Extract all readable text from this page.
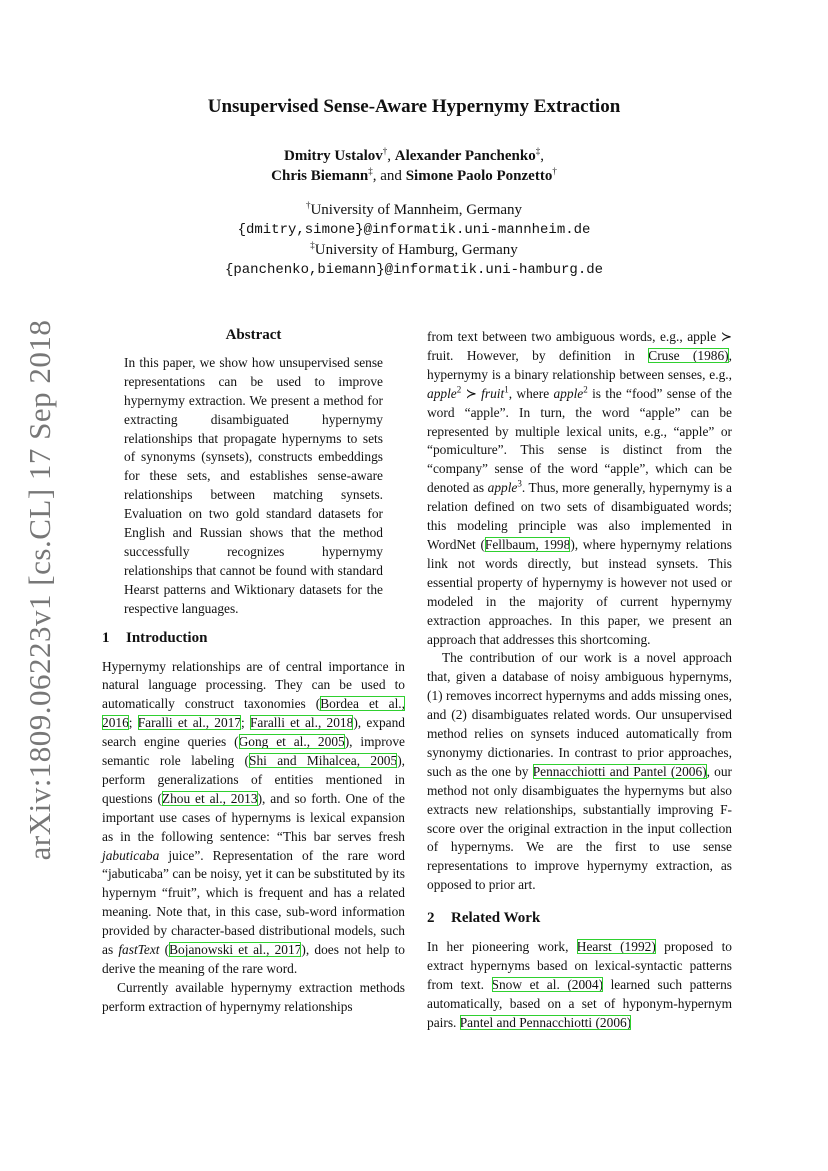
arXiv:1809.06223v1 [cs.CL] 17 Sep 2018
Unsupervised Sense-Aware Hypernymy Extraction
Dmitry Ustalov†, Alexander Panchenko‡,
Chris Biemann‡, and Simone Paolo Ponzetto†
†University of Mannheim, Germany
{dmitry,simone}@informatik.uni-mannheim.de
‡University of Hamburg, Germany
{panchenko,biemann}@informatik.uni-hamburg.de
Abstract

In this paper, we show how unsupervised sense representations can be used to improve hypernymy extraction. We present a method for extracting disambiguated hypernymy relationships that propagate hypernyms to sets of synonyms (synsets), constructs embeddings for these sets, and establishes sense-aware relationships between matching synsets. Evaluation on two gold standard datasets for English and Russian shows that the method successfully recognizes hypernymy relationships that cannot be found with standard Hearst patterns and Wiktionary datasets for the respective languages.

1 Introduction

Hypernymy relationships are of central importance in natural language processing. They can be used to automatically construct taxonomies (Bordea et al., 2016; Faralli et al., 2017; Faralli et al., 2018), expand search engine queries (Gong et al., 2005), improve semantic role labeling (Shi and Mihalcea, 2005), perform generalizations of entities mentioned in questions (Zhou et al., 2013), and so forth. One of the important use cases of hypernyms is lexical expansion as in the following sentence: “This bar serves fresh jabuticaba juice”. Representation of the rare word “jabuticaba” can be noisy, yet it can be substituted by its hypernym “fruit”, which is frequent and has a related meaning. Note that, in this case, sub-word information provided by character-based distributional models, such as fastText (Bojanowski et al., 2017), does not help to derive the meaning of the rare word.

Currently available hypernymy extraction methods perform extraction of hypernymy relationships

from text between two ambiguous words, e.g., apple ≻ fruit. However, by definition in Cruse (1986), hypernymy is a binary relationship between senses, e.g., apple$^2$ ≻ fruit$^1$, where apple$^2$ is the “food” sense of the word “apple”. In turn, the word “apple” can be represented by multiple lexical units, e.g., “apple” or “pomiculture”. This sense is distinct from the “company” sense of the word “apple”, which can be denoted as apple$^3$. Thus, more generally, hypernymy is a relation defined on two sets of disambiguated words; this modeling principle was also implemented in WordNet (Fellbaum, 1998), where hypernymy relations link not words directly, but instead synsets. This essential property of hypernymy is however not used or modeled in the majority of current hypernymy extraction approaches. In this paper, we present an approach that addresses this shortcoming.

The contribution of our work is a novel approach that, given a database of noisy ambiguous hypernyms, (1) removes incorrect hypernyms and adds missing ones, and (2) disambiguates related words. Our unsupervised method relies on synsets induced automatically from synonymy dictionaries. In contrast to prior approaches, such as the one by Pennacchiotti and Pantel (2006), our method not only disambiguates the hypernyms but also extracts new relationships, substantially improving F-score over the original extraction in the input collection of hypernyms. We are the first to use sense representations to improve hypernymy extraction, as opposed to prior art.

2 Related Work

In her pioneering work, Hearst (1992) proposed to extract hypernyms based on lexical-syntactic patterns from text. Snow et al. (2004) learned such patterns automatically, based on a set of hyponym-hypernym pairs. Pantel and Pennacchiotti (2006)
